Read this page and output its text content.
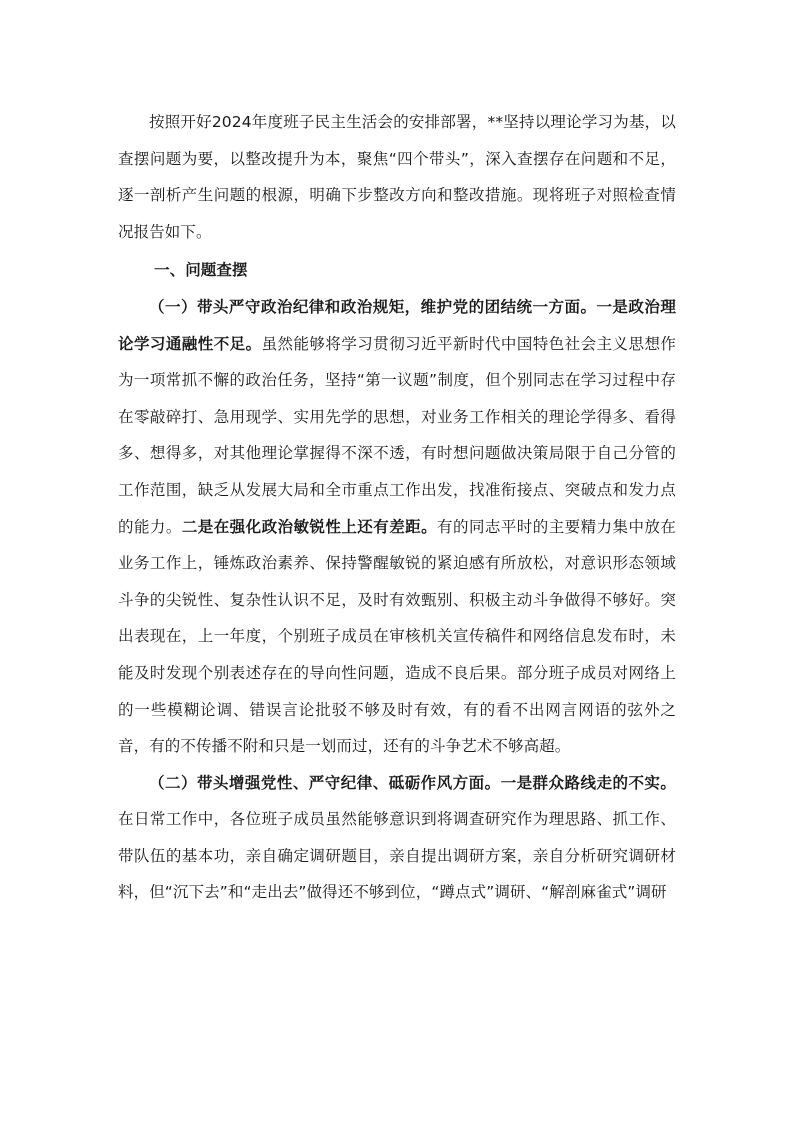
按照开好2024年度班子民主生活会的安排部署，**坚持以理论学习为基，以查摆问题为要，以整改提升为本，聚焦“四个带头”，深入查摆存在问题和不足，逐一剖析产生问题的根源，明确下步整改方向和整改措施。现将班子对照检查情况报告如下。

一、问题查摆

（一）带头严守政治纪律和政治规矩，维护党的团结统一方面。一是政治理论学习通融性不足。虽然能够将学习贯彻习近平新时代中国特色社会主义思想作为一项常抓不懈的政治任务，坚持“第一议题”制度，但个别同志在学习过程中存在零敲碎打、急用现学、实用先学的思想，对业务工作相关的理论学得多、看得多、想得多，对其他理论掌握得不深不透，有时想问题做决策局限于自己分管的工作范围，缺乏从发展大局和全市重点工作出发，找准衔接点、突破点和发力点的能力。二是在强化政治敏锐性上还有差距。有的同志平时的主要精力集中放在业务工作上，锤炼政治素养、保持警醒敏锐的紧迫感有所放松，对意识形态领域斗争的尖锐性、复杂性认识不足，及时有效甄别、积极主动斗争做得不够好。突出表现在，上一年度，个别班子成员在审核机关宣传稿件和网络信息发布时，未能及时发现个别表述存在的导向性问题，造成不良后果。部分班子成员对网络上的一些模糊论调、错误言论批驳不够及时有效，有的看不出网言网语的弦外之音，有的不传播不附和只是一划而过，还有的斗争艺术不够高超。

（二）带头增强党性、严守纪律、砥砺作风方面。一是群众路线走的不实。在日常工作中，各位班子成员虽然能够意识到将调查研究作为理思路、抓工作、带队伍的基本功，亲自确定调研题目，亲自提出调研方案，亲自分析研究调研材料，但“沉下去”和“走出去”做得还不够到位，“蹲点式”调研、“解剖麻雀式”调研
